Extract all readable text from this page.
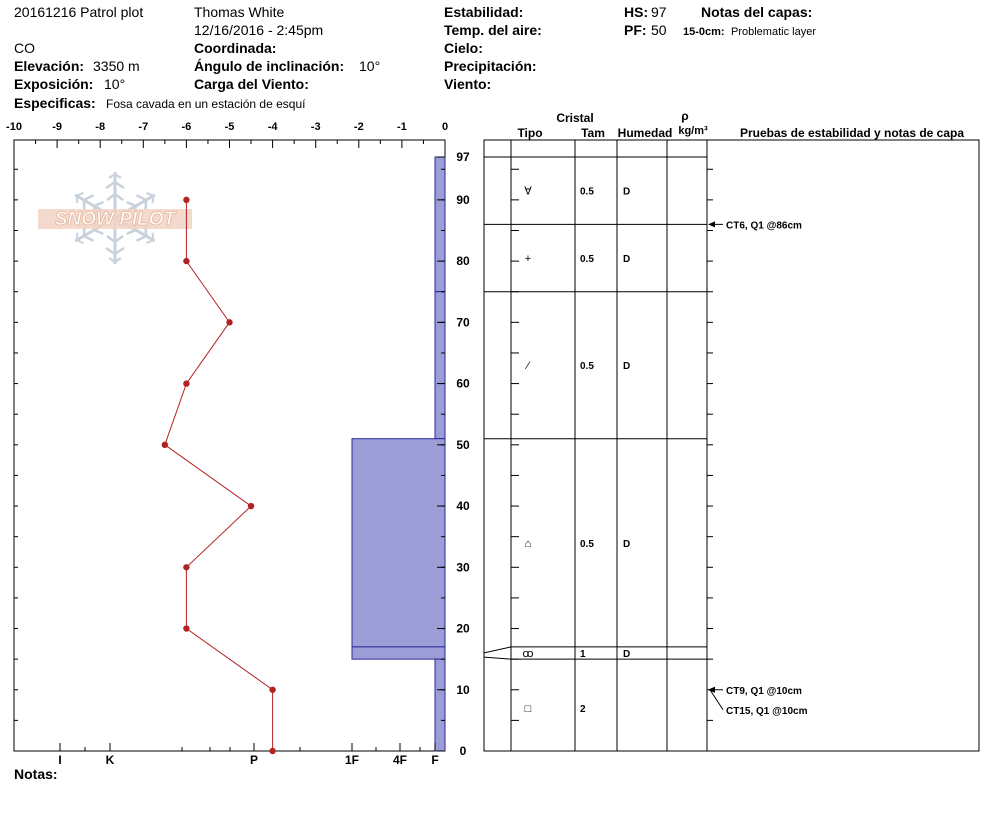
20161216 Patrol plot	Thomas White
12/16/2016 - 2:45pm
CO
Elevación: 3350 m
Exposición: 10°
Especificas: Fosa cavada en un estación de esquí
Coordinada:
Ángulo de inclinación: 10°
Carga del Viento:
Estabilidad:
Temp. del aire:
Cielo:
Precipitación:
Viento:
HS: 97
PF: 50
Notas del capas:
15-0cm: Problematic layer
Notas:
SNOW PILOT
-10	-9	-8	-7	-6	-5	-4	-3	-2	-1	0
97
90
80
70
60
50
40
30
20
10
0
I	K	P	1F	4F F
Cristal
Tipo	Tam Humedad
ρ
kg/m³	Pruebas de estabilidad y notas de capa
∀	0.5	D
+	0.5	D
⁄	0.5	D
⌂	0.5	D
ꝏ	1	D
□	2
CT6, Q1 @86cm
CT9, Q1 @10cm
CT15, Q1 @10cm
